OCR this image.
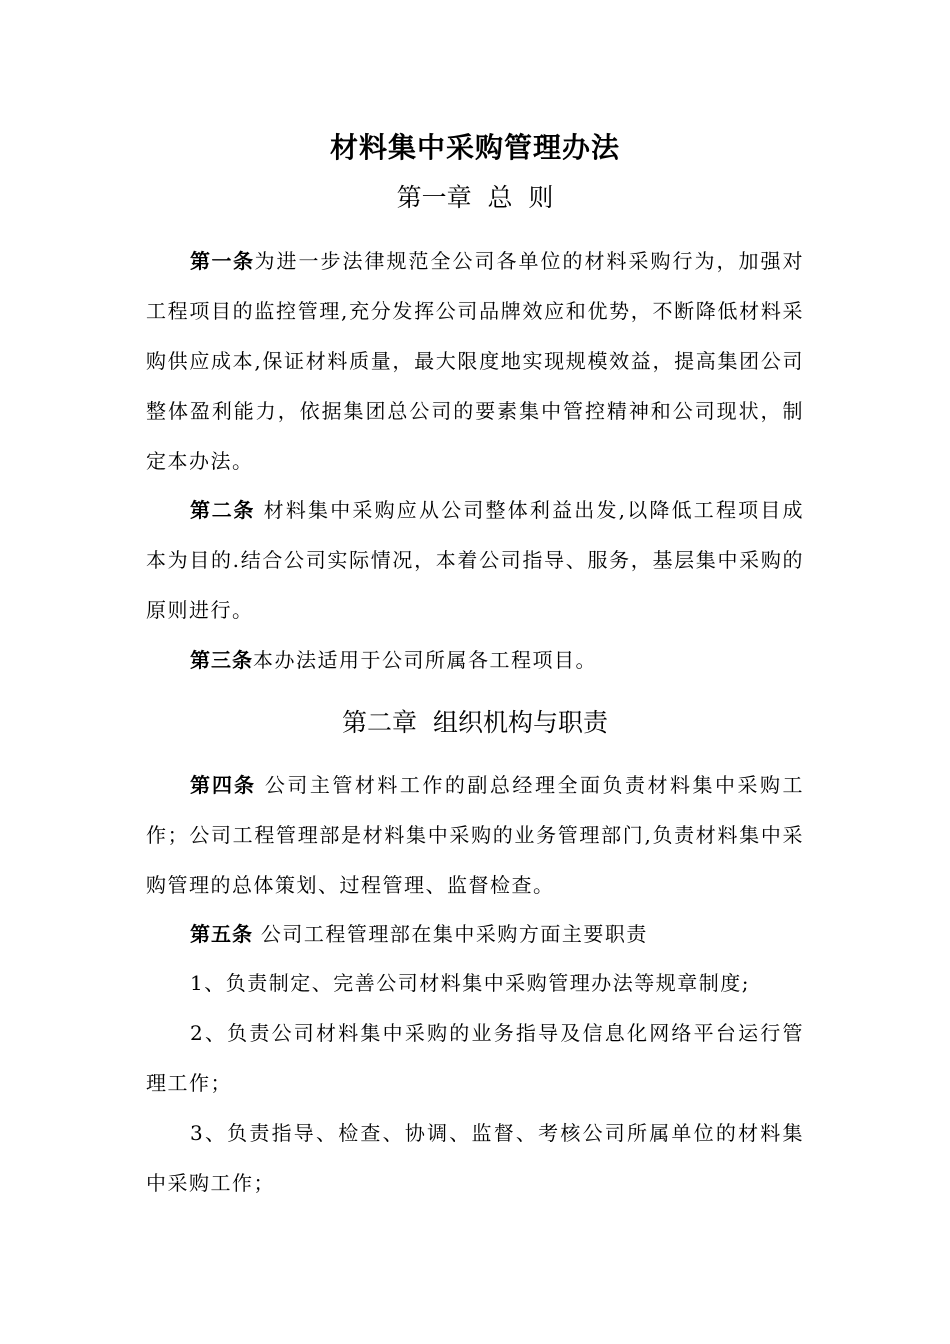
材料集中采购管理办法
第一章  总  则
第一条为进一步法律规范全公司各单位的材料采购行为，加强对工程项目的监控管理,充分发挥公司品牌效应和优势，不断降低材料采购供应成本,保证材料质量，最大限度地实现规模效益，提高集团公司整体盈利能力，依据集团总公司的要素集中管控精神和公司现状，制定本办法。
第二条 材料集中采购应从公司整体利益出发,以降低工程项目成本为目的.结合公司实际情况，本着公司指导、服务，基层集中采购的原则进行。
第三条本办法适用于公司所属各工程项目。
第二章  组织机构与职责
第四条 公司主管材料工作的副总经理全面负责材料集中采购工作；公司工程管理部是材料集中采购的业务管理部门,负责材料集中采购管理的总体策划、过程管理、监督检查。
第五条 公司工程管理部在集中采购方面主要职责
1、负责制定、完善公司材料集中采购管理办法等规章制度;
2、负责公司材料集中采购的业务指导及信息化网络平台运行管理工作；
3、负责指导、检查、协调、监督、考核公司所属单位的材料集中采购工作；
